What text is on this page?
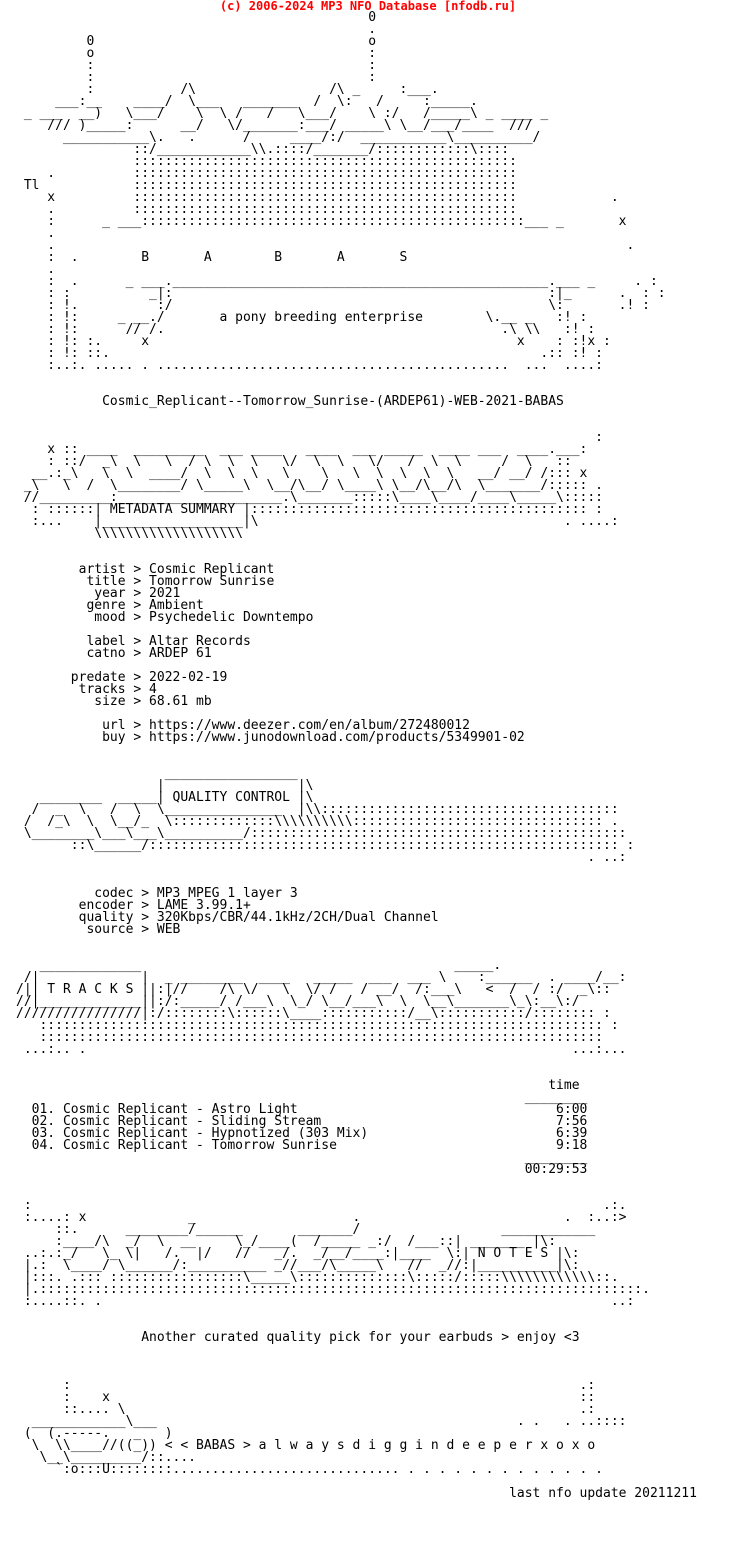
(c) 2006-2024 MP3 NFO Database [nfodb.ru]
0
.
0                                   o
o                                   :
:                                   :
:                                   :
:           /\                 /\ _     :___.
___:__    ____/  \___   _______  /  \:   /     :_____.
_ ___  __)   \___/    \  \ /   /   \___/    \ :/   /_____\ _ ____ _
/// )_____:      __/   \/_______:___/ _____\ \__/___/____  ///
___________\.   .      /     ____/:/  ___________\__________/
::/____________\\.::::/_______/::::::::::::\::::
:::::::::::::::::::::::::::::::::::::::::::::::::
.          :::::::::::::::::::::::::::::::::::::::::::::::::
Tl            :::::::::::::::::::::::::::::::::::::::::::::::::
x          :::::::::::::::::::::::::::::::::::::::::::::::::            .
.          :::::::::::::::::::::::::::::::::::::::::::::::::
:      _ ___:::::::::::::::::::::::::::::::::::::::::::::::::___ _       x
.
.                                                                         .
:  .        B       A        B       A       S
.
:  .      _ ___.________________________________________________.___ _     . :
: :          _|:                                                :|_      .  : :
: !.          :/                                                \:       .! :
: !:     _ __./       a pony breeding enterprise        \.__ _   :! :
: !:      // /.                                           .\ \\   :! :
: !: :.     x                                               x    : :!x :
: !: ::.                                                       .:: :! :
:..:. ..... . .............................................  ...  ....:

Cosmic_Replicant--Tomorrow_Sunrise-(ARDEP61)-WEB-2021-BABAS

:
x :: ____  _________  ___ ____   ____  ___ _____  ____ ___  ____.___:
: ::/  _\  \   \  / \  \  \   \/  \  \   \/   /  \  \     /  \   ::
__.:_\   \  \  ____/  \  \  \   \    \   \  \  \  \  \   __/ __/ /::: x
_\   \  /  \________/ \_____\  \__/\__/ \____\ \__/\__/\  \_______/::::: .
//_________:_____________________.\_______:::::\____\____/____\_____\:::::
: ::::::| METADATA SUMMARY |::::::::::::::::::::::::::::::::::::::::::: :
:...    |__________________|\                                       . ....:
\\\\\\\\\\\\\\\\\\\

artist > Cosmic Replicant
title > Tomorrow Sunrise
year > 2021
genre > Ambient
mood > Psychedelic Downtempo

label > Altar Records
catno > ARDEP 61

predate > 2022-02-19
tracks > 4
size > 68.61 mb

url > https://www.deezer.com/en/album/272480012
buy > https://www.junodownload.com/products/5349901-02

_________________
|                 |\
________  _____| QUALITY CONTROL |\
/  _  \   /  \  \_______________  |\\::::::::::::::::::::::::::::::::::::::
/  /_\  \  \__/_  \:::::::::::::\\\\\\\\\\:::::::::::::::::::::::::::::::: .
\________\___\___\__________/::::::::::::::::::::::::::::::::::::::::::::::::
::\______/:::::::::::::::::::::::::::::::::::::::::::::::::::::::::::: :
. ..:

codec > MP3 MPEG 1 layer 3
encoder > LAME 3.99.1+
quality > 320Kbps/CBR/44.1kHz/2CH/Dual Channel
source > WEB

_____________                                        _____.
/|             |  _ ________  ____   _____  ___  ___ \    :______  . ____/__:
/|| T R A C K S ||:|//    /\ \/   \  \/ /   / __/  /:___\   <  /  / :/  _\::
//|_____________||:/:_____/ /___\  \_/ \__/___\  \  \__\_______\_\:__\:/
////////////////|:/::::::::\::::::\____:::::::::::/__\:::::::::::/:::::::: :
:::::::::::::::::::::::::::::::::::::::::::::::::::::::::::::::::::::::: :
::::::::::::::::::::::::::::::::::::::::::::::::::::::::::::::::::::::::
...:.. .                                                              ...:...

time
________
01. Cosmic Replicant - Astro Light                                 6:00
02. Cosmic Replicant - Sliding Stream                              7:56
03. Cosmic Replicant - Hypnotized (303 Mix)                        6:39
04. Cosmic Replicant - Tomorrow Sunrise                            9:18
________
00:29:53

:                                                                         .:.
:....: x             _                    .                          .  :..:>
::.      ________/______       _______/                  ____________
:____/\  _/  \  __     \_/____(  /_____ _:/  /___::| _______ |\:
..:.:_/   \_ \|   /.  |/   //   _/.  _/__/____:|____  \:| N O T E S |\:
|.:  \____/ \______/:__________ _//___/\_____\   //  _//:|__________|\:
|:::. .::: :::::::::::::::::\_____\::::::::::::::\:::::/:::::\\\\\\\\\\\\::.
|.:::::::::::::::::::::::::::::::::::::::::::::::::::::::::::::::::::::::::::::.
:....::. .                                                                 ..:

Another curated quality pick for your earbuds > enjoy <3

:                                                                 .:
:    x                                                            ::
::.... \                                                          .:
____________\___                                              . .   . ..::::
(  (.-----.   _   )
\  \\____//((_)) < < BABAS > a l w a y s d i g g i n d e e p e r x o x o
\__\_________/::....
`:o:::U::::::::............................. . . . . . . . . . . . . .

last nfo update 20211211
